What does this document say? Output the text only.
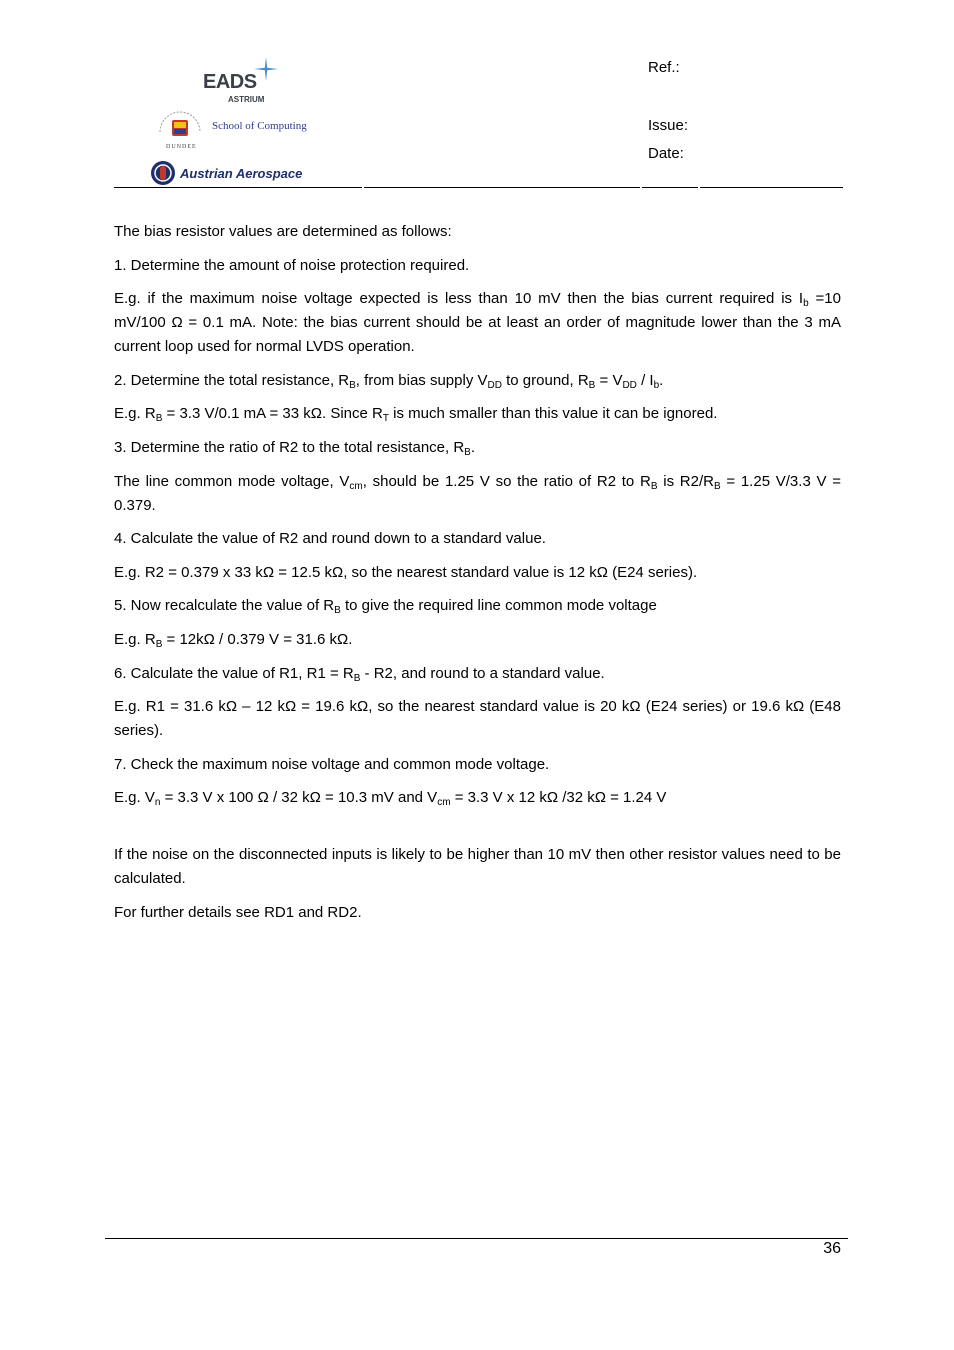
EADS
ASTRIUM
School of Computing
DUNDEE
Austrian Aerospace
Ref.:
Issue:
Date:

The bias resistor values are determined as follows:

1. Determine the amount of noise protection required.

E.g. if the maximum noise voltage expected is less than 10 mV then the bias current required is $I_b =10$ mV/100 Ω = 0.1 mA. Note: the bias current should be at least an order of magnitude lower than the 3 mA current loop used for normal LVDS operation.

2. Determine the total resistance, $R_B$, from bias supply $V_{DD}$ to ground, $R_B = V_{DD} / I_b$.

E.g. $R_B = 3.3$ V/0.1 mA = 33 kΩ. Since $R_T$ is much smaller than this value it can be ignored.

3. Determine the ratio of R2 to the total resistance, $R_B$.

The line common mode voltage, $V_{cm}$, should be 1.25 V so the ratio of R2 to $R_B$ is $R2/R_B = 1.25$ V/3.3 V = 0.379.

4. Calculate the value of R2 and round down to a standard value.

E.g. R2 = 0.379 x 33 kΩ = 12.5 kΩ, so the nearest standard value is 12 kΩ (E24 series).

5. Now recalculate the value of $R_B$ to give the required line common mode voltage

E.g. $R_B = 12k\Omega / 0.379$ V = 31.6 kΩ.

6. Calculate the value of R1, $R1 = R_B - R2$, and round to a standard value.

E.g. R1 = 31.6 kΩ – 12 kΩ = 19.6 kΩ, so the nearest standard value is 20 kΩ (E24 series) or 19.6 kΩ (E48 series).

7. Check the maximum noise voltage and common mode voltage.

E.g. $V_n = 3.3$ V x 100 Ω / 32 kΩ = 10.3 mV and $V_{cm} = 3.3$ V x 12 kΩ /32 kΩ = 1.24 V

If the noise on the disconnected inputs is likely to be higher than 10 mV then other resistor values need to be calculated.

For further details see RD1 and RD2.

36
